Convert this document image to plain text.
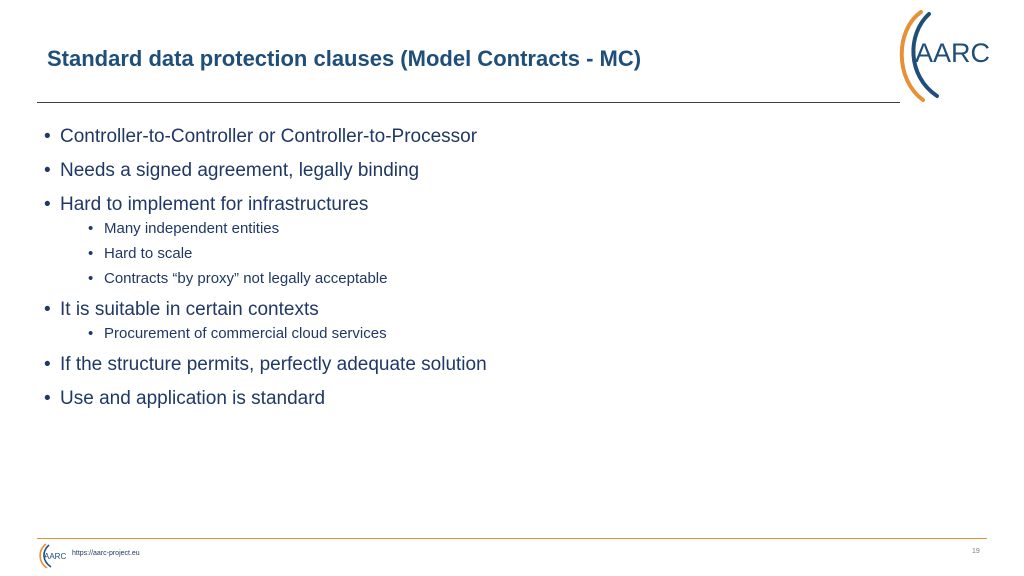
Standard data protection clauses (Model Contracts - MC)	AARC
• Controller-to-Controller or Controller-to-Processor
• Needs a signed agreement, legally binding
• Hard to implement for infrastructures
• Many independent entities
• Hard to scale
• Contracts “by proxy” not legally acceptable
• It is suitable in certain contexts
• Procurement of commercial cloud services
• If the structure permits, perfectly adequate solution
• Use and application is standard
AARC https://aarc-project.eu	19
